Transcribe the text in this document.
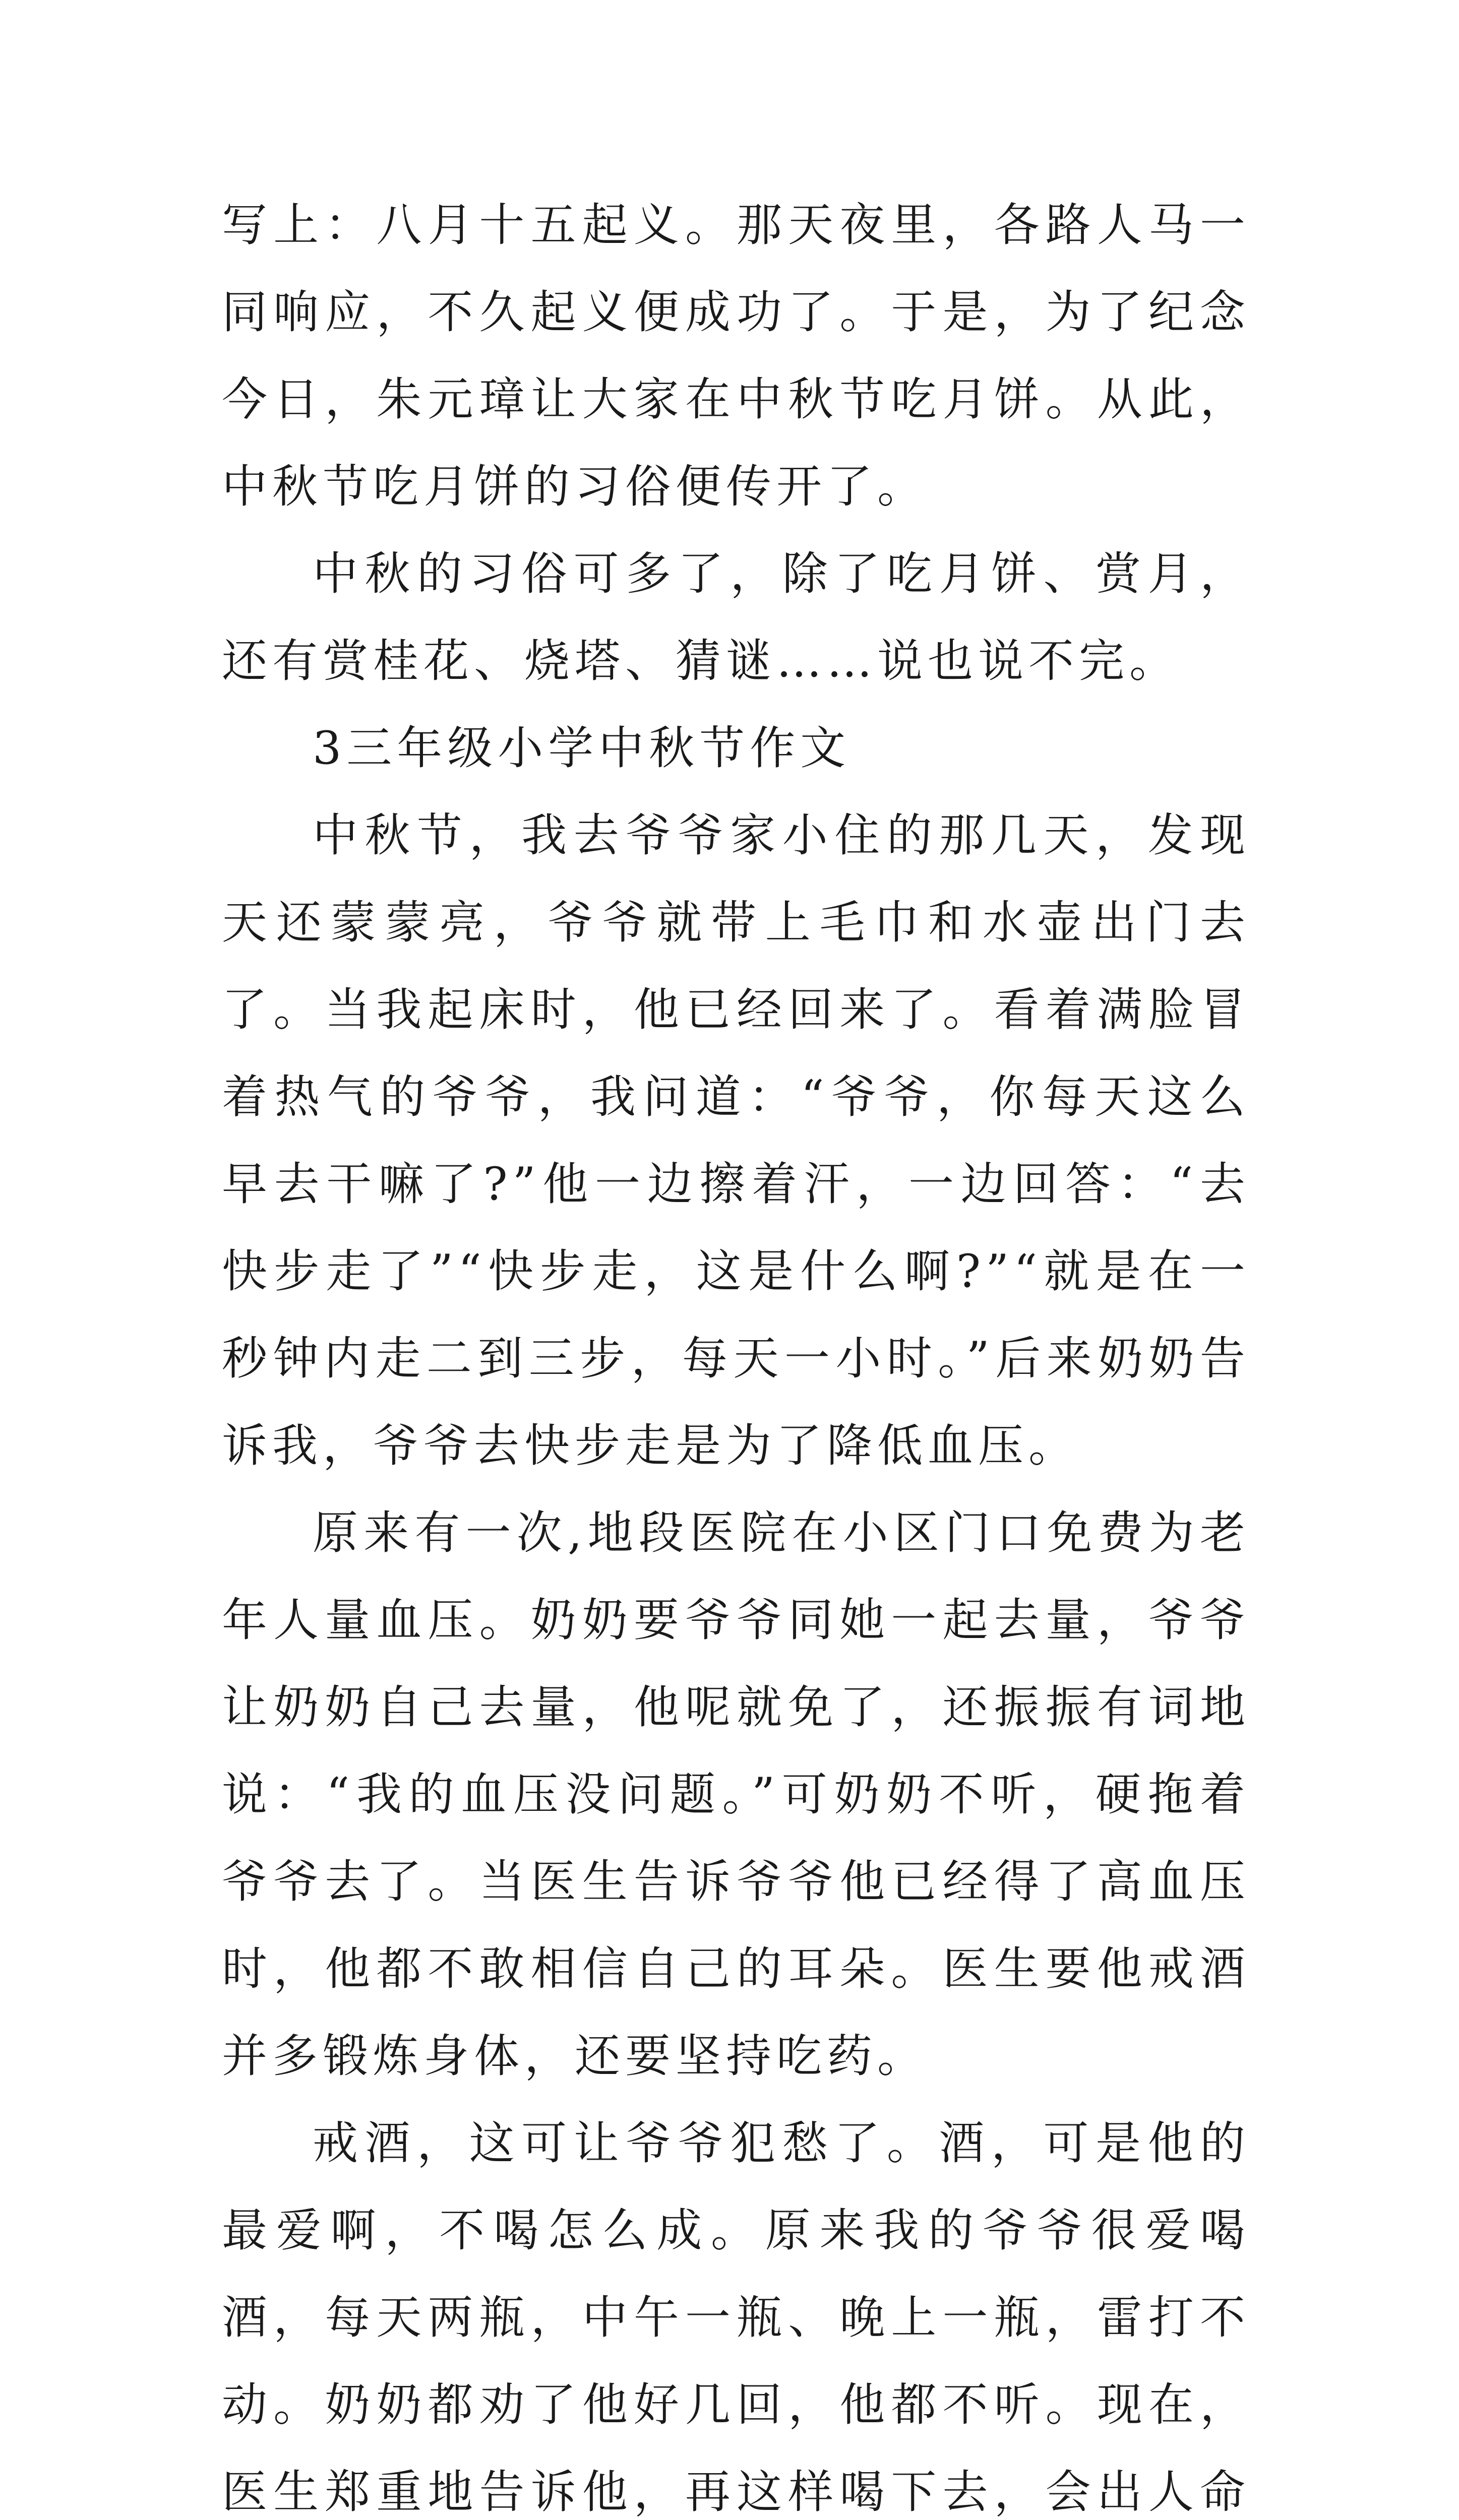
写上：八月十五起义。那天夜里，各路人马一同响应，不久起义便成功了。于是，为了纪念今日，朱元璋让大家在中秋节吃月饼。从此，中秋节吃月饼的习俗便传开了。

中秋的习俗可多了，除了吃月饼、赏月，还有赏桂花、烧塔、猜谜……说也说不完。

3三年级小学中秋节作文

中秋节，我去爷爷家小住的那几天，发现天还蒙蒙亮，爷爷就带上毛巾和水壶出门去了。当我起床时，他已经回来了。看着满脸冒着热气的爷爷，我问道：“爷爷，你每天这么早去干嘛了?”他一边擦着汗，一边回答：“去快步走了”“快步走，这是什么啊?”“就是在一秒钟内走二到三步，每天一小时。”后来奶奶告诉我，爷爷去快步走是为了降低血压。

原来有一次,地段医院在小区门口免费为老年人量血压。奶奶要爷爷同她一起去量，爷爷让奶奶自己去量，他呢就免了，还振振有词地说：“我的血压没问题。”可奶奶不听，硬拖着爷爷去了。当医生告诉爷爷他已经得了高血压时，他都不敢相信自己的耳朵。医生要他戒酒并多锻炼身体，还要坚持吃药。

戒酒，这可让爷爷犯愁了。酒，可是他的最爱啊，不喝怎么成。原来我的爷爷很爱喝酒，每天两瓶，中午一瓶、晚上一瓶，雷打不动。奶奶都劝了他好几回，他都不听。现在，医生郑重地告诉他，再这样喝下去，会出人命
